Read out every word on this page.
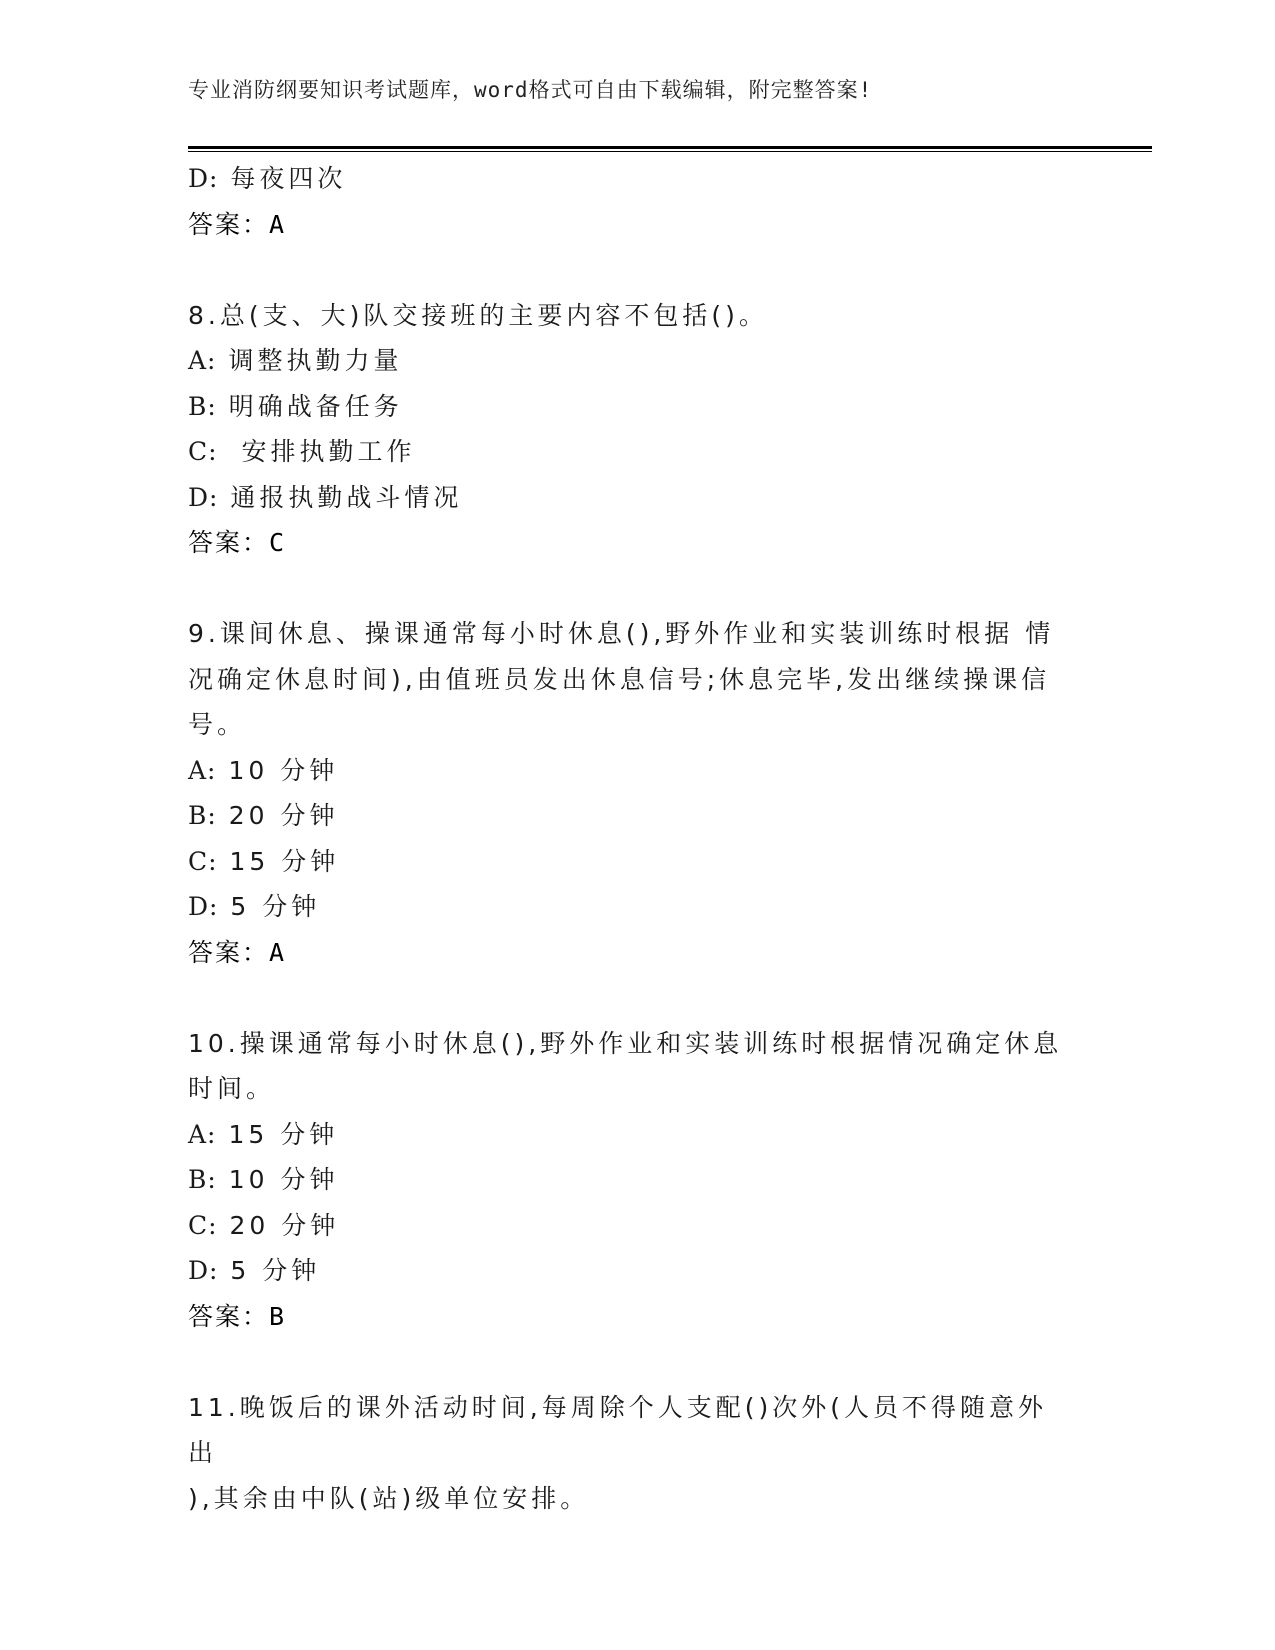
专业消防纲要知识考试题库，word格式可自由下载编辑，附完整答案!
D: 每夜四次
答案：A
8.总(支、大)队交接班的主要内容不包括()。
A: 调整执勤力量
B: 明确战备任务
C:  安排执勤工作
D: 通报执勤战斗情况
答案：C
9.课间休息、操课通常每小时休息(),野外作业和实装训练时根据 情
况确定休息时间),由值班员发出休息信号;休息完毕,发出继续操课信
号。
A: 10 分钟
B: 20 分钟
C: 15 分钟
D: 5 分钟
答案：A
10.操课通常每小时休息(),野外作业和实装训练时根据情况确定休息
时间。
A: 15 分钟
B: 10 分钟
C: 20 分钟
D: 5 分钟
答案：B
11.晚饭后的课外活动时间,每周除个人支配()次外(人员不得随意外出
),其余由中队(站)级单位安排。
